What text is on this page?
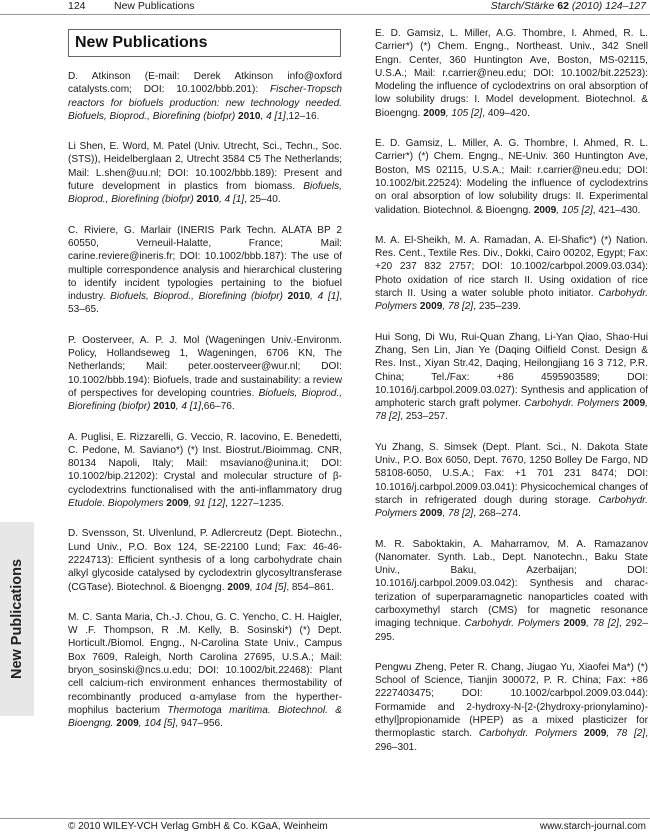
124	New Publications	Starch/Stärke 62 (2010) 124–127
New Publications
New Publications

D. Atkinson (E-mail: Derek Atkinson info@oxford catalysts.com; DOI: 10.1002/bbb.201): Fischer-Tropsch reactors for biofuels production: new technology needed. Biofuels, Bioprod., Biorefining (biofpr) 2010, 4 [1],12–16.

Li Shen, E. Word, M. Patel (Univ. Utrecht, Sci., Techn., Soc. (STS)), Heidelberglaan 2, Utrecht 3584 C5 The Netherlands; Mail: L.shen@uu.nl; DOI: 10.1002/bbb.189): Present and future development in plastics from biomass. Biofuels, Bioprod., Biorefining (biofpr) 2010, 4 [1], 25–40.

C. Riviere, G. Marlair (INERIS Park Techn. ALATA BP 2 60550, Verneuil-Halatte, France; Mail: carine.reviere@ineris.fr; DOI: 10.1002/bbb.187): The use of multiple correspondence analysis and hierarchical clustering to identify incident typologies pertaining to the biofuel industry. Biofuels, Bioprod., Biorefining (biofpr) 2010, 4 [1], 53–65.

P. Oosterveer, A. P. J. Mol (Wageningen Univ.-Environm. Policy, Hollandseweg 1, Wageningen, 6706 KN, The Netherlands; Mail: peter.oosterveer@wur.nl; DOI: 10.1002/bbb.194): Biofuels, trade and sustainability: a review of perspectives for developing countries. Biofuels, Bioprod., Biorefining (biofpr) 2010, 4 [1],66–76.

A. Puglisi, E. Rizzarelli, G. Veccio, R. Iacovino, E. Benedetti, C. Pedone, M. Saviano*) (*) Inst. Biostrut./Bioimmag. CNR, 80134 Napoli, Italy; Mail: msaviano@unina.it; DOI: 10.1002/bip.21202): Crystal and molecular structure of β-cyclodextrins functionalised with the anti-inflammatory drug Etudole. Biopolymers 2009, 91 [12], 1227–1235.

D. Svensson, St. Ulvenlund, P. Adlercreutz (Dept. Biotechn., Lund Univ., P.O. Box 124, SE-22100 Lund; Fax: 46-46-2224713): Efficient synthesis of a long carbohydrate chain alkyl glycoside catalysed by cyclodextrin glycosyltransferase (CGTase). Biotechnol. & Bioengng. 2009, 104 [5], 854–861.

M. C. Santa Maria, Ch.-J. Chou, G. C. Yencho, C. H. Haigler, W .F. Thompson, R .M. Kelly, B. Sosinski*) (*) Dept. Horticult./Biomol. Engng., N-Carolina State Univ., Campus Box 7609, Raleigh, North Carolina 27695, U.S.A.; Mail: bryon_sosinski@ncs.u.edu; DOI: 10.1002/bit.22468): Plant cell calcium-rich environment enhances thermostability of recombinantly produced α-amylase from the hyperther-mophilus bacterium Thermotoga maritima. Biotechnol. & Bioengng. 2009, 104 [5], 947–956.

E. D. Gamsiz, L. Miller, A.G. Thombre, I. Ahmed, R. L. Carrier*) (*) Chem. Engng., Northeast. Univ., 342 Snell Engn. Center, 360 Huntington Ave, Boston, MS-02115, U.S.A.; Mail: r.carrier@neu.edu; DOI: 10.1002/bit.22523): Modeling the influence of cyclodextrins on oral absorption of low solubility drugs: I. Model development. Biotechnol. & Bioengng. 2009, 105 [2], 409–420.

E. D. Gamsiz, L. Miller, A. G. Thombre, I. Ahmed, R. L. Carrier*) (*) Chem. Engng., NE-Univ. 360 Huntington Ave, Boston, MS 02115, U.S.A.; Mail: r.carrier@neu.edu; DOI: 10.1002/bit.22524): Modeling the influence of cyclodextrins on oral absorption of low solubility drugs: II. Experimental validation. Biotechnol. & Bioengng. 2009, 105 [2], 421–430.

M. A. El-Sheikh, M. A. Ramadan, A. El-Shafic*) (*) Nation. Res. Cent., Textile Res. Div., Dokki, Cairo 00202, Egypt; Fax: +20 237 832 2757; DOI: 10.1002/carbpol.2009.03.034): Photo oxidation of rice starch II. Using oxidation of rice starch II. Using a water soluble photo initiator. Carbohydr. Polymers 2009, 78 [2], 235–239.

Hui Song, Di Wu, Rui-Quan Zhang, Li-Yan Qiao, Shao-Hui Zhang, Sen Lin, Jian Ye (Daqing Oilfield Const. Design & Res. Inst., Xiyan Str.42, Daqing, Heilongjiang 16 3 712, P.R. China; Tel./Fax: +86 4595903589; DOI: 10.1016/j.carbpol.2009.03.027): Synthesis and application of amphoteric starch graft polymer. Carbohydr. Polymers 2009, 78 [2], 253–257.

Yu Zhang, S. Simsek (Dept. Plant. Sci., N. Dakota State Univ., P.O. Box 6050, Dept. 7670, 1250 Bolley De Fargo, ND 58108-6050, U.S.A.; Fax: +1 701 231 8474; DOI: 10.1016/j.carbpol.2009.03.041): Physicochemical changes of starch in refrigerated dough during storage. Carbohydr. Polymers 2009, 78 [2], 268–274.

M. R. Saboktakin, A. Maharramov, M. A. Ramazanov (Nanomater. Synth. Lab., Dept. Nanotechn., Baku State Univ., Baku, Azerbaijan; DOI: 10.1016/j.carbpol.2009.03.042): Synthesis and charac-terization of superparamagnetic nanoparticles coated with carboxymethyl starch (CMS) for magnetic resonance imaging technique. Carbohydr. Polymers 2009, 78 [2], 292–295.

Pengwu Zheng, Peter R. Chang, Jiugao Yu, Xiaofei Ma*) (*) School of Science, Tianjin 300072, P. R. China; Fax: +86 2227403475; DOI: 10.1002/carbpol.2009.03.044): Formamide and 2-hydroxy-N-[2-(2hydroxy-prionylamino)-ethyl]propionamide (HPEP) as a mixed plasticizer for thermoplastic starch. Carbohydr. Polymers 2009, 78 [2], 296–301.

© 2010 WILEY-VCH Verlag GmbH & Co. KGaA, Weinheim	www.starch-journal.com
